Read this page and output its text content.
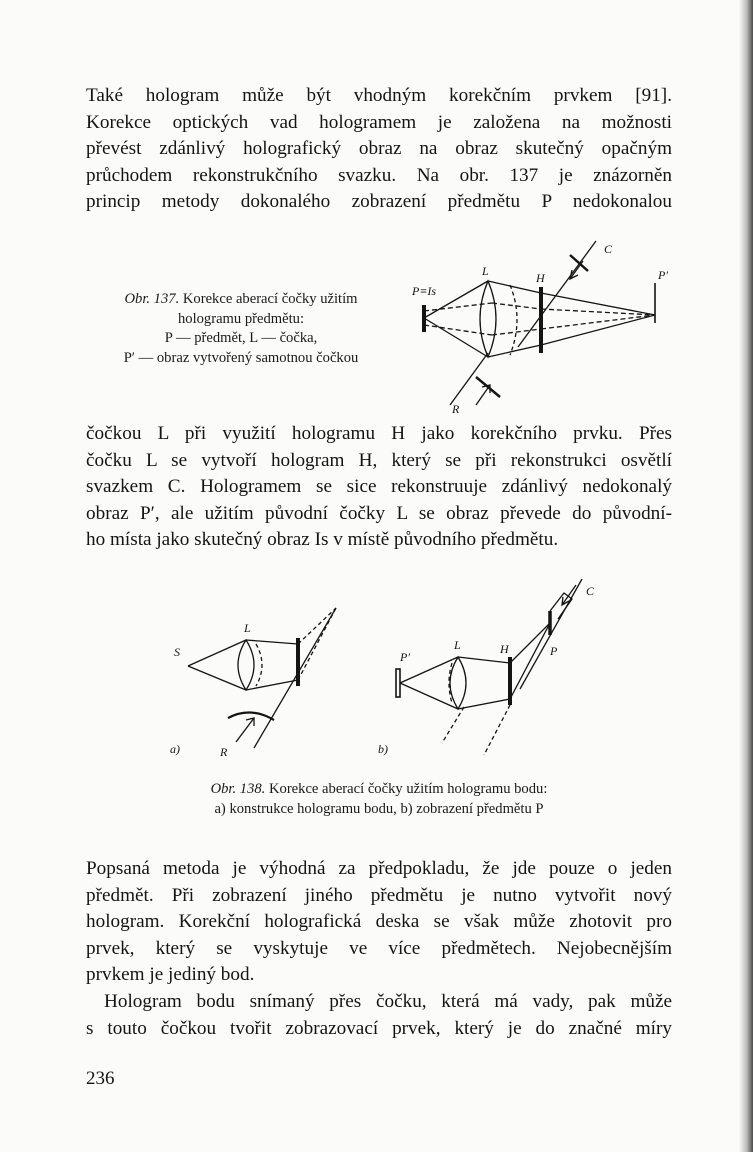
Také hologram může být vhodným korekčním prvkem [91].
Korekce optických vad hologramem je založena na možnosti
převést zdánlivý holografický obraz na obraz skutečný opačným
průchodem rekonstrukčního svazku. Na obr. 137 je znázorněn
princip metody dokonalého zobrazení předmětu P nedokonalou
Obr. 137. Korekce aberací čočky užitím
hologramu předmětu:
P — předmět, L — čočka,
P′ — obraz vytvořený samotnou čočkou
P≡Is
L	H
C
P′
R
čočkou L při využití hologramu H jako korekčního prvku. Přes
čočku L se vytvoří hologram H, který se při rekonstrukci osvětlí
svazkem C. Hologramem se sice rekonstruuje zdánlivý nedokonalý
obraz P′, ale užitím původní čočky L se obraz převede do původní-
ho místa jako skutečný obraz Is v místě původního předmětu.
S
L
R
a)
P′
L	H
C
P
b)
Obr. 138. Korekce aberací čočky užitím hologramu bodu:
a) konstrukce hologramu bodu, b) zobrazení předmětu P
Popsaná metoda je výhodná za předpokladu, že jde pouze o jeden
předmět. Při zobrazení jiného předmětu je nutno vytvořit nový
hologram. Korekční holografická deska se však může zhotovit pro
prvek, který se vyskytuje ve více předmětech. Nejobecnějším
prvkem je jediný bod.
Hologram bodu snímaný přes čočku, která má vady, pak může
s touto čočkou tvořit zobrazovací prvek, který je do značné míry
236
